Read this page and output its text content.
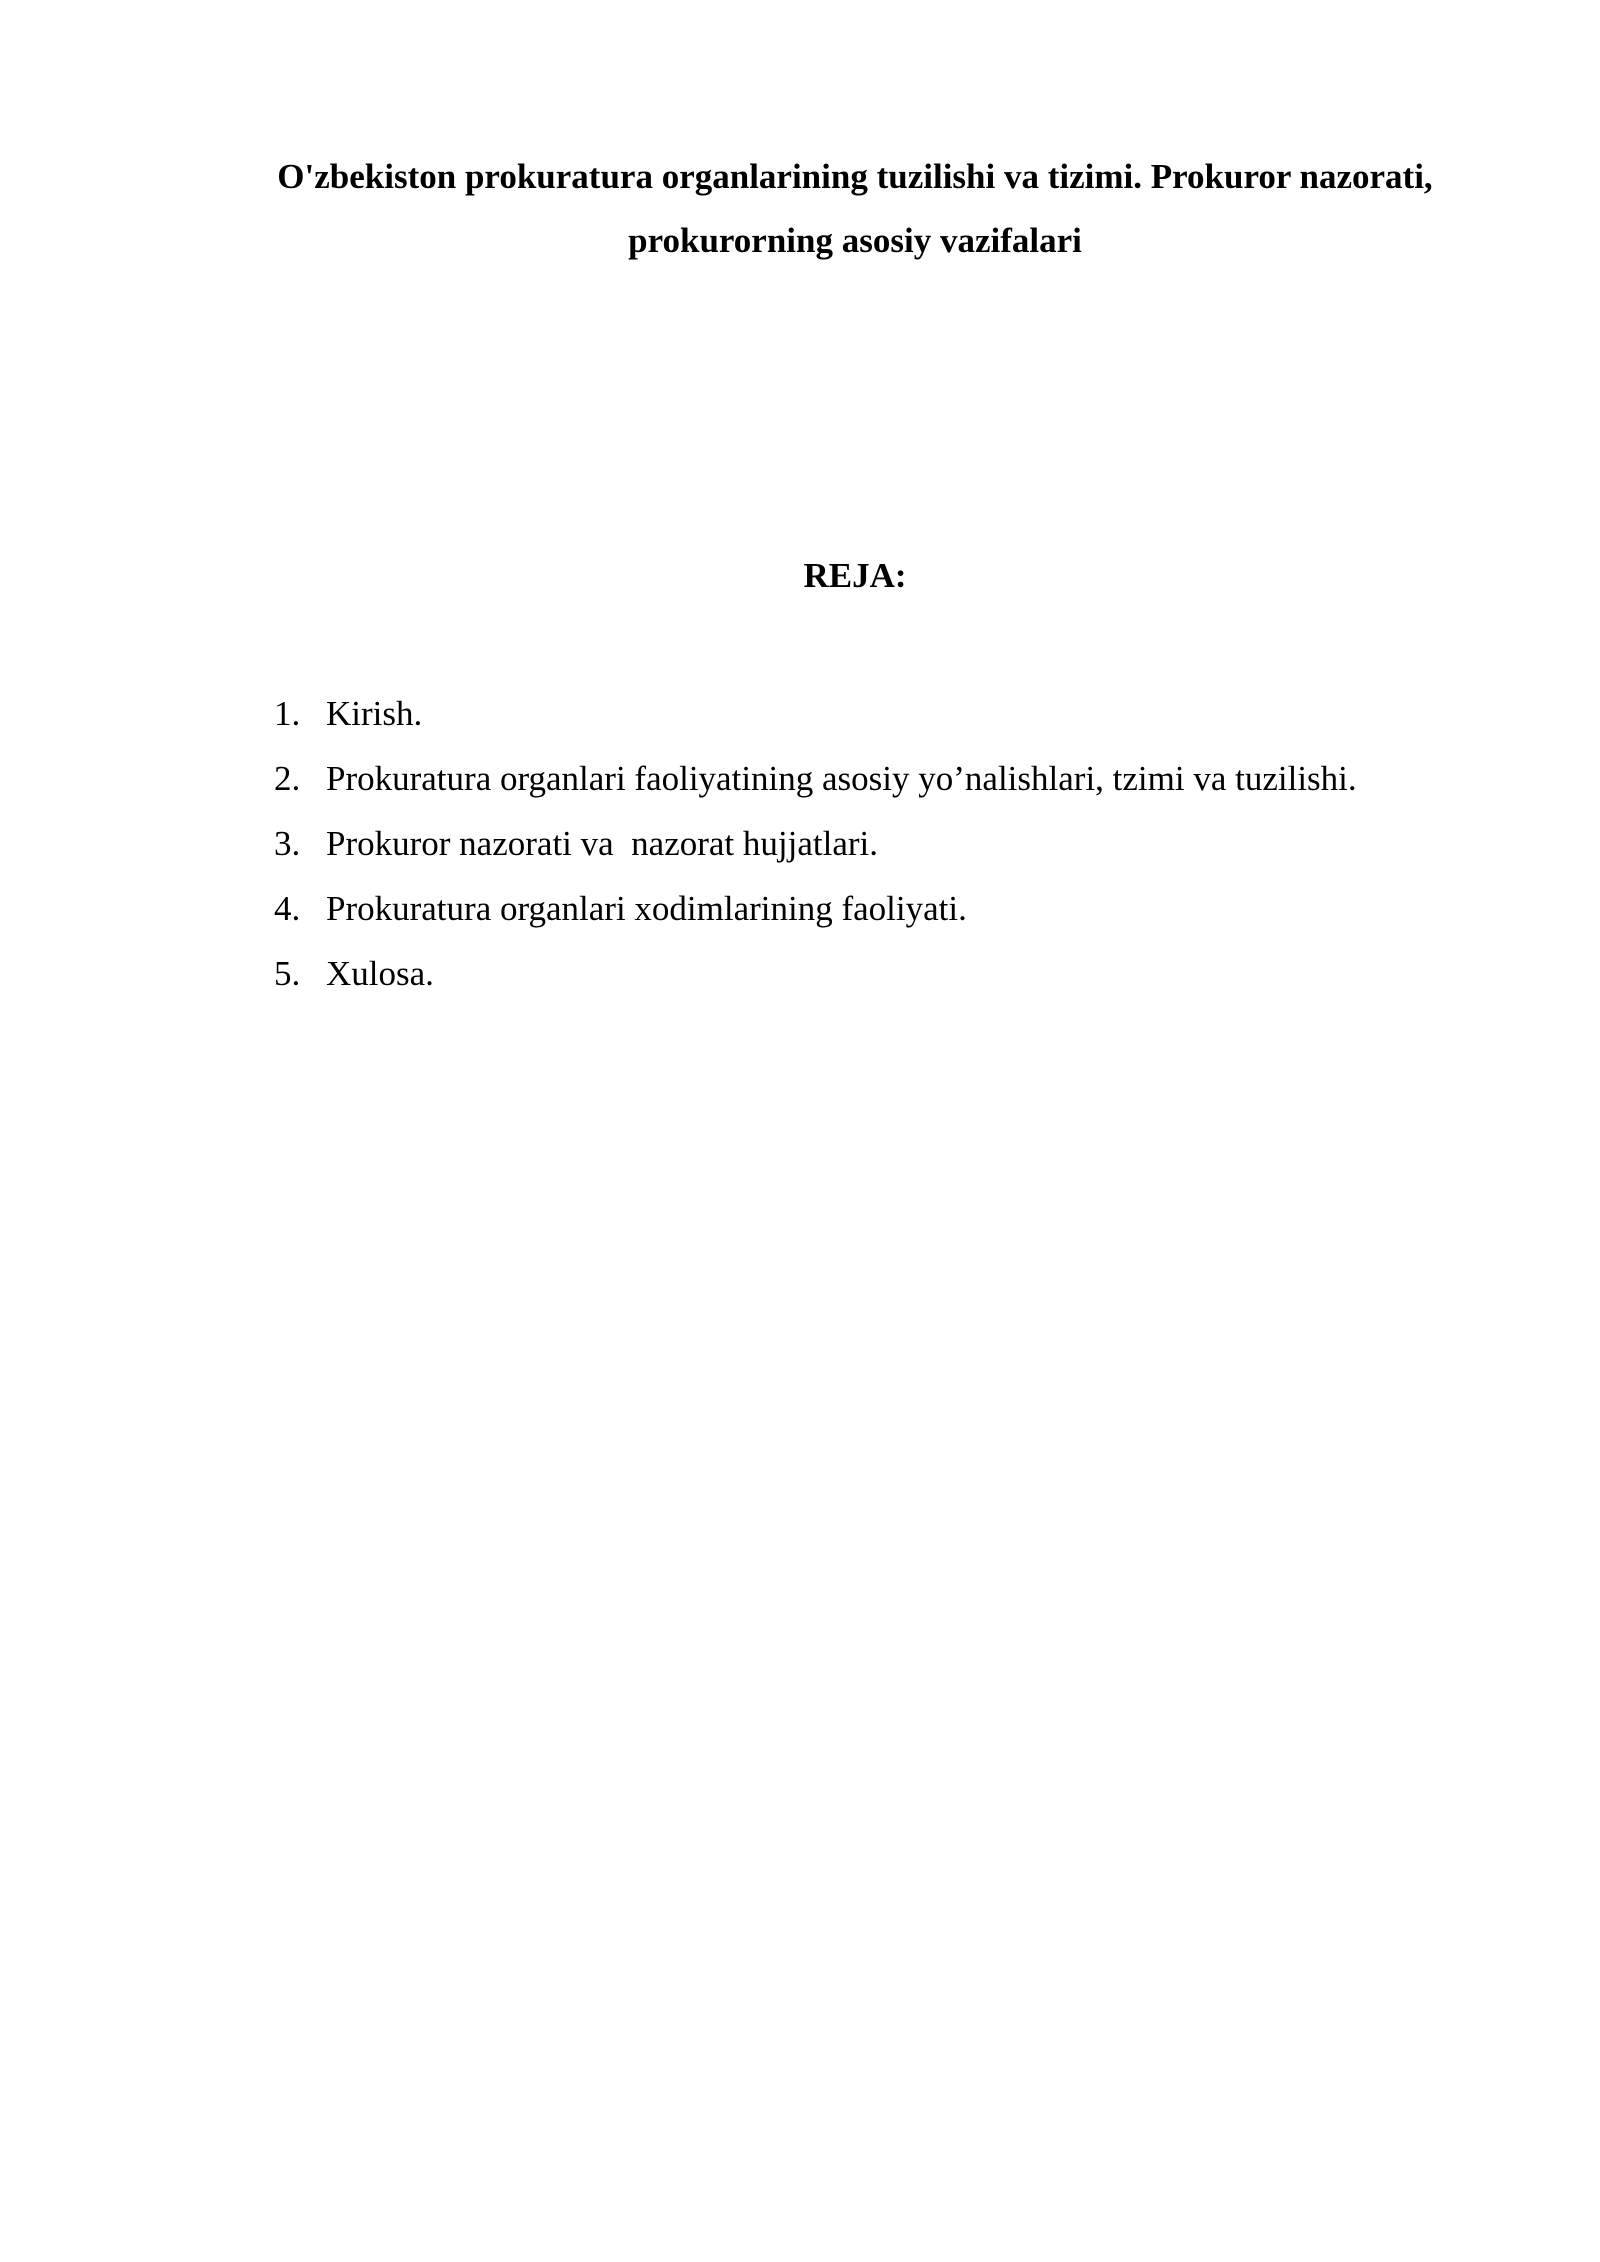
O'zbekiston prokuratura organlarining tuzilishi va tizimi. Prokuror nazorati,
prokurorning asosiy vazifalari
REJA:
1. Kirish.
2. Prokuratura organlari faoliyatining asosiy yo’nalishlari, tzimi va tuzilishi.
3. Prokuror nazorati va  nazorat hujjatlari.
4. Prokuratura organlari xodimlarining faoliyati.
5. Xulosa.
